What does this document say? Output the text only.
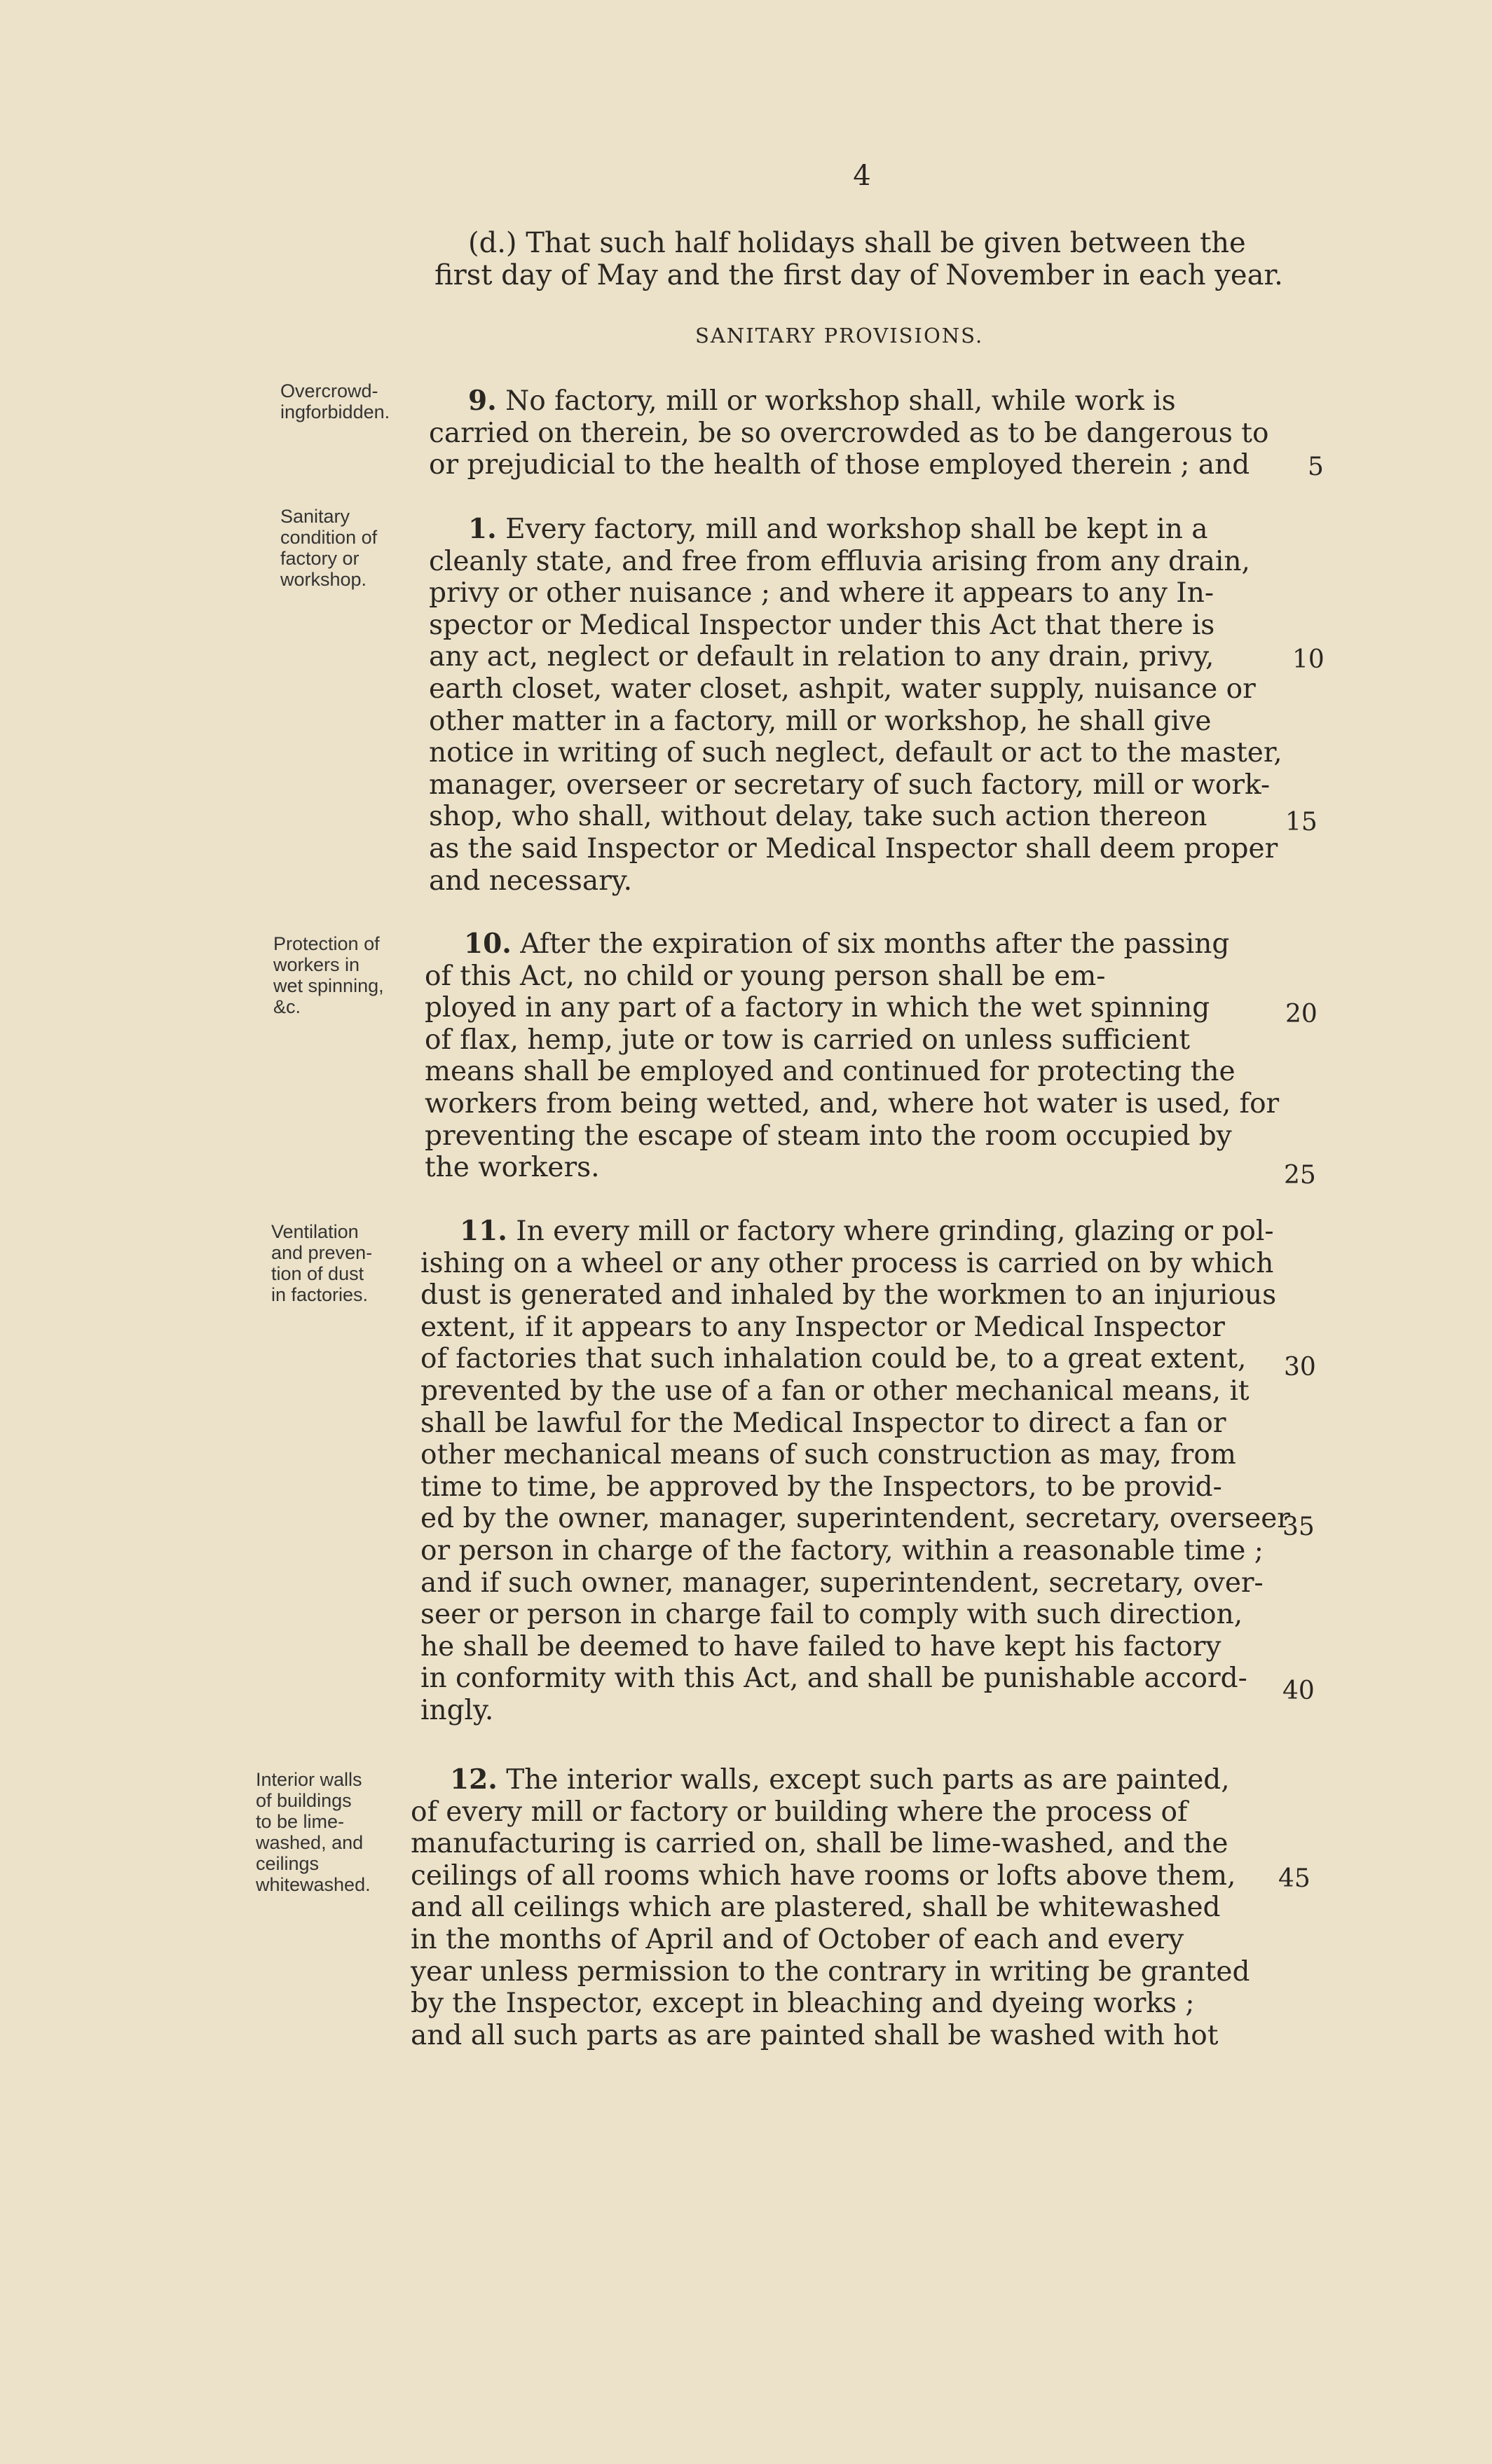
4
(d.) That such half holidays shall be given between the
first day of May and the first day of November in each year.
SANITARY PROVISIONS.
Overcrowd-
ingforbidden.
Sanitary
condition of
factory or
workshop.
Protection of
workers in
wet spinning,
&c.
Ventilation
and preven-
tion of dust
in factories.
Interior walls
of buildings
to be lime-
washed, and
ceilings
whitewashed.
9. No factory, mill or workshop shall, while work is
carried on therein, be so overcrowded as to be dangerous to
or prejudicial to the health of those employed therein ; and
1. Every factory, mill and workshop shall be kept in a
cleanly state, and free from effluvia arising from any drain,
privy or other nuisance ; and where it appears to any In-
spector or Medical Inspector under this Act that there is
any act, neglect or default in relation to any drain, privy,
earth closet, water closet, ashpit, water supply, nuisance or
other matter in a factory, mill or workshop, he shall give
notice in writing of such neglect, default or act to the master,
manager, overseer or secretary of such factory, mill or work-
shop, who shall, without delay, take such action thereon
as the said Inspector or Medical Inspector shall deem proper
and necessary.
10. After the expiration of six months after the passing
of this Act, no child or young person shall be em-
ployed in any part of a factory in which the wet spinning
of flax, hemp, jute or tow is carried on unless sufficient
means shall be employed and continued for protecting the
workers from being wetted, and, where hot water is used, for
preventing the escape of steam into the room occupied by
the workers.
11. In every mill or factory where grinding, glazing or pol-
ishing on a wheel or any other process is carried on by which
dust is generated and inhaled by the workmen to an injurious
extent, if it appears to any Inspector or Medical Inspector
of factories that such inhalation could be, to a great extent,
prevented by the use of a fan or other mechanical means, it
shall be lawful for the Medical Inspector to direct a fan or
other mechanical means of such construction as may, from
time to time, be approved by the Inspectors, to be provid-
ed by the owner, manager, superintendent, secretary, overseer
or person in charge of the factory, within a reasonable time ;
and if such owner, manager, superintendent, secretary, over-
seer or person in charge fail to comply with such direction,
he shall be deemed to have failed to have kept his factory
in conformity with this Act, and shall be punishable accord-
ingly.
12. The interior walls, except such parts as are painted,
of every mill or factory or building where the process of
manufacturing is carried on, shall be lime-washed, and the
ceilings of all rooms which have rooms or lofts above them,
and all ceilings which are plastered, shall be whitewashed
in the months of April and of October of each and every
year unless permission to the contrary in writing be granted
by the Inspector, except in bleaching and dyeing works ;
and all such parts as are painted shall be washed with hot
5
10
15
20
25
30
35
40
45
